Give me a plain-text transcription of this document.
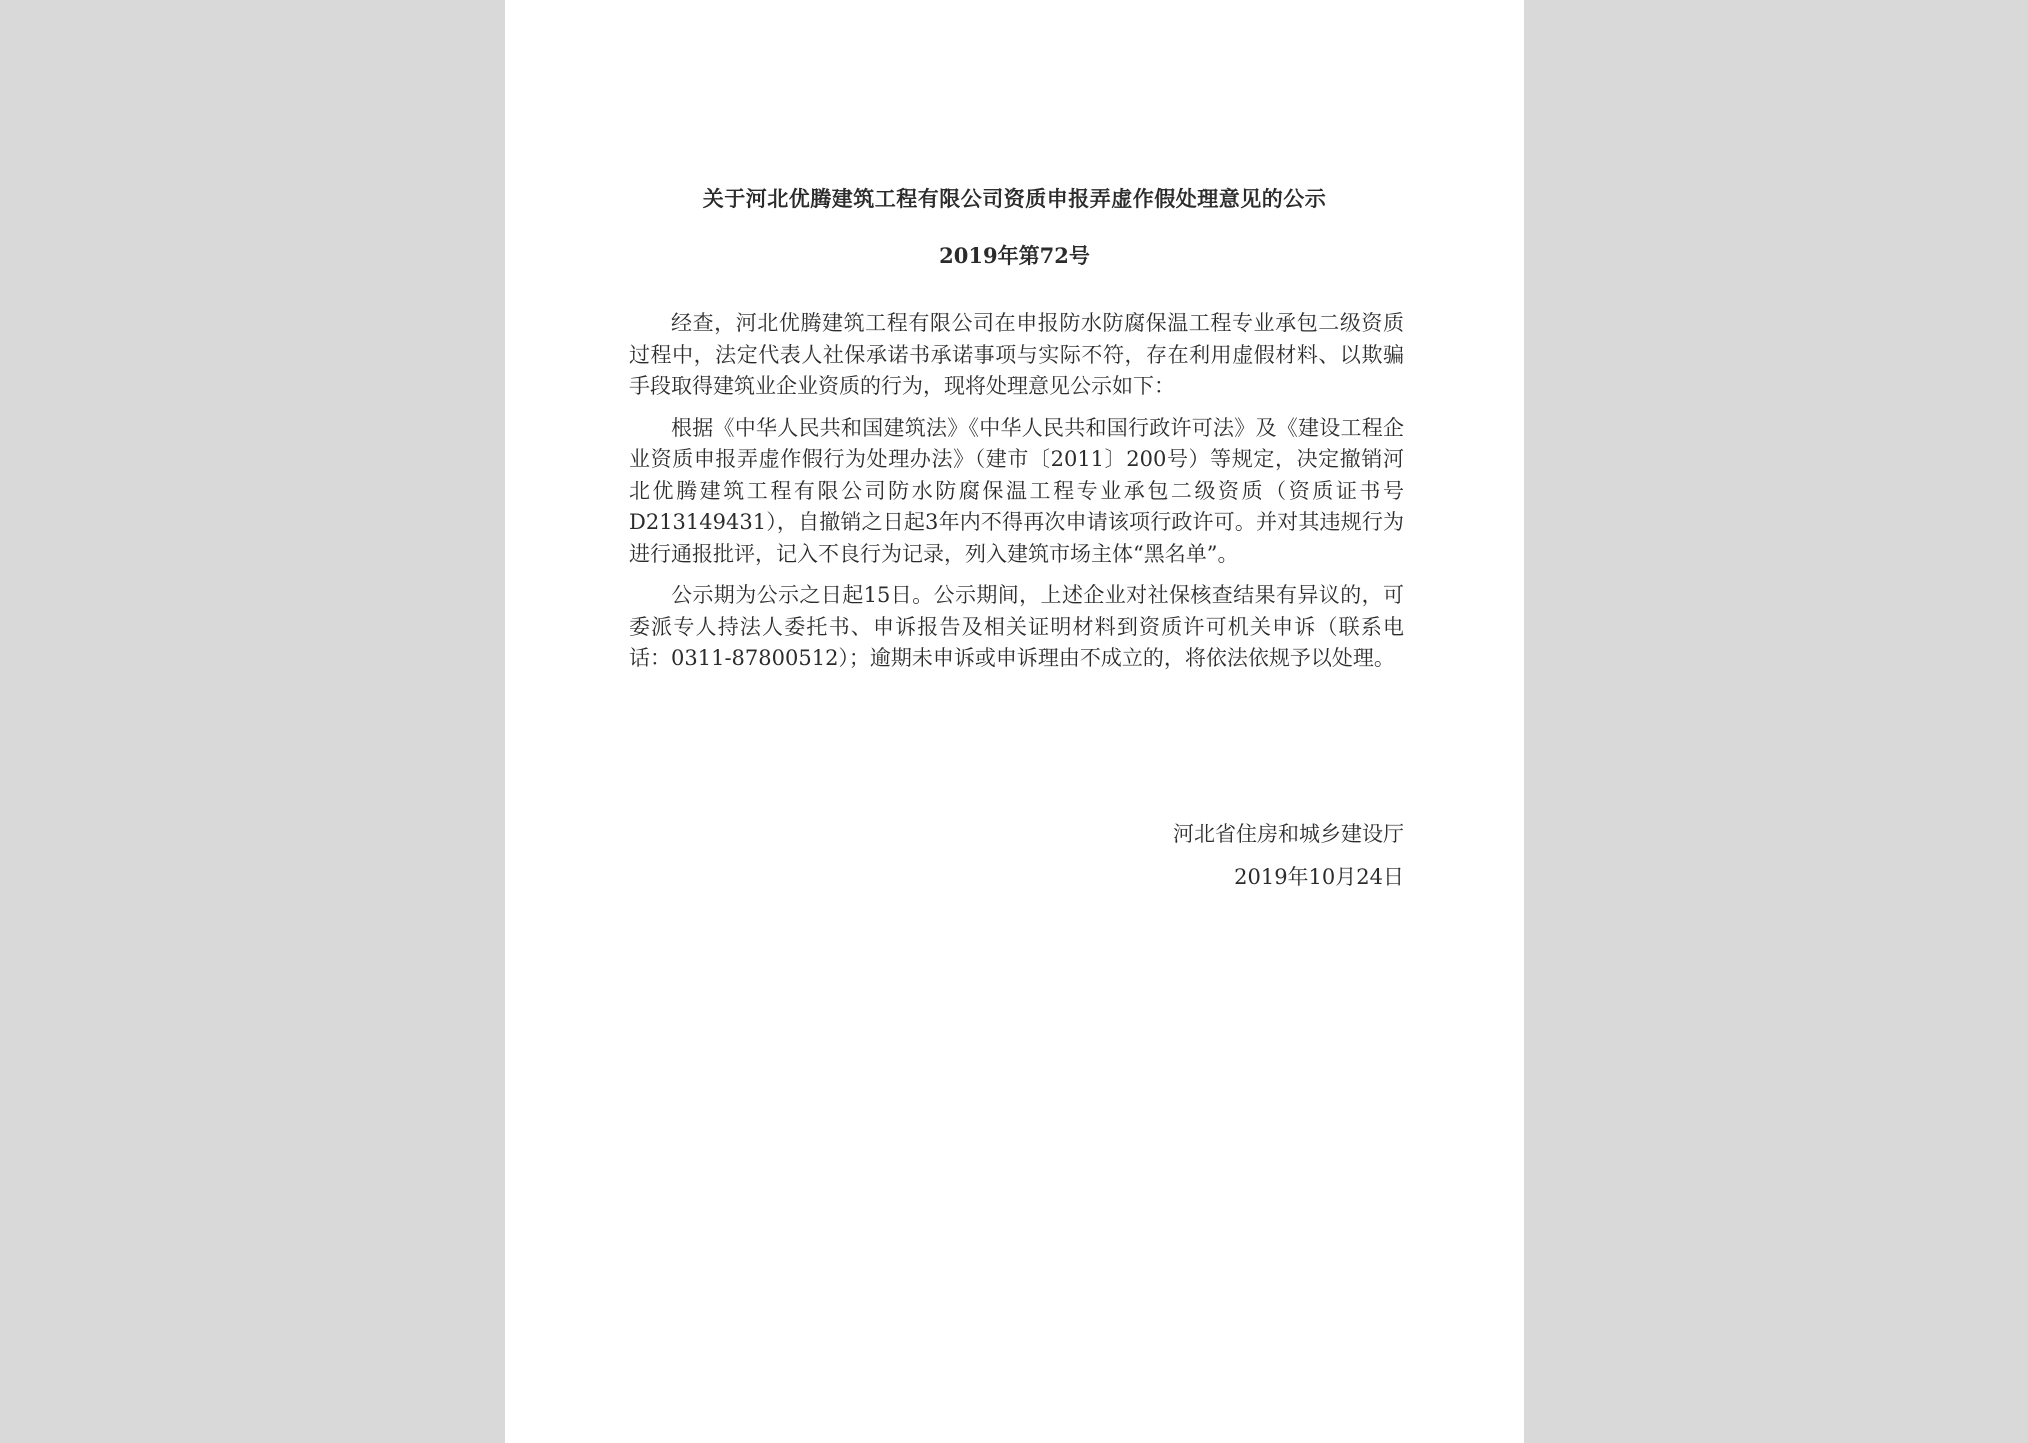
关于河北优腾建筑工程有限公司资质申报弄虚作假处理意见的公示
2019年第72号

经查，河北优腾建筑工程有限公司在申报防水防腐保温工程专业承包二级资质过程中，法定代表人社保承诺书承诺事项与实际不符，存在利用虚假材料、以欺骗手段取得建筑业企业资质的行为，现将处理意见公示如下：

根据《中华人民共和国建筑法》《中华人民共和国行政许可法》及《建设工程企业资质申报弄虚作假行为处理办法》（建市〔2011〕200号）等规定，决定撤销河北优腾建筑工程有限公司防水防腐保温工程专业承包二级资质（资质证书号D213149431），自撤销之日起3年内不得再次申请该项行政许可。并对其违规行为进行通报批评，记入不良行为记录，列入建筑市场主体“黑名单”。

公示期为公示之日起15日。公示期间，上述企业对社保核查结果有异议的，可委派专人持法人委托书、申诉报告及相关证明材料到资质许可机关申诉（联系电话：0311-87800512）；逾期未申诉或申诉理由不成立的，将依法依规予以处理。

河北省住房和城乡建设厅
2019年10月24日
